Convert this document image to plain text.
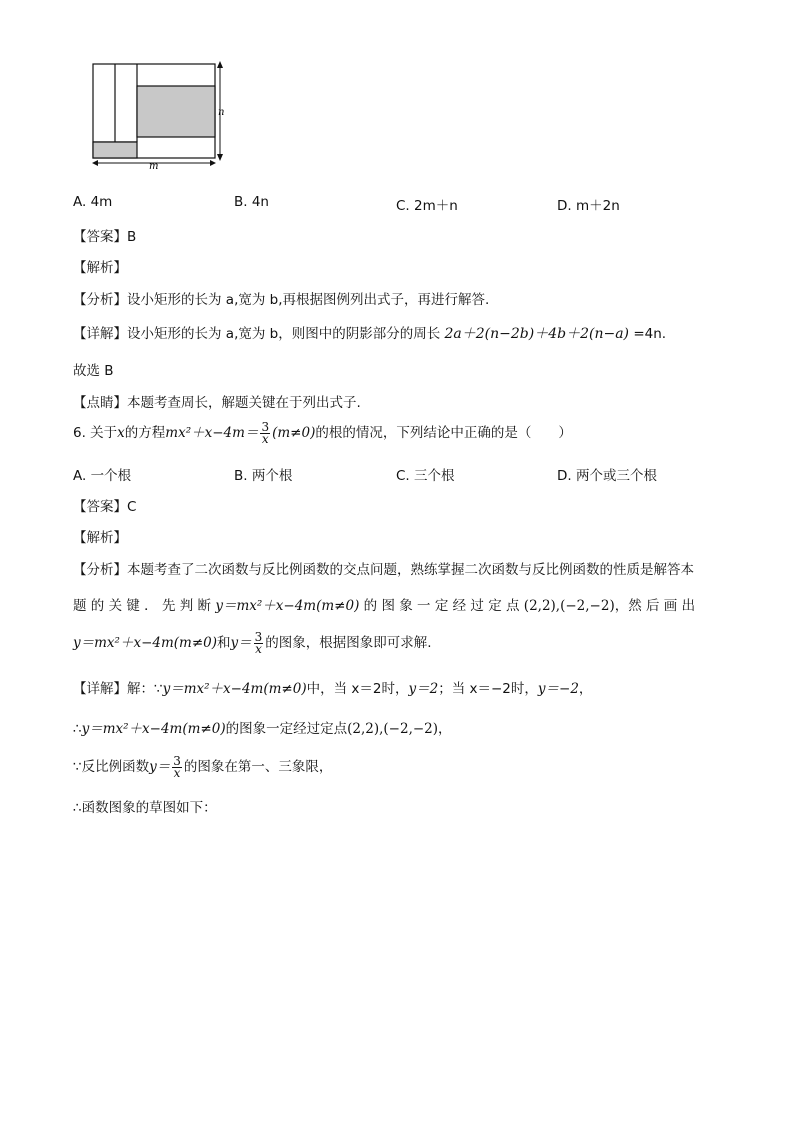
n
m
A. 4m	B. 4n	C. 2m＋n	D. m＋2n
【答案】B
【解析】
【分析】设小矩形的长为 a,宽为 b,再根据图例列出式子，再进行解答.
【详解】设小矩形的长为 a,宽为 b，则图中的阴影部分的周长 2a＋2(n−2b)＋4b＋2(n−a) =4n.
故选 B
【点睛】本题考查周长，解题关键在于列出式子.
6. 关于x的方程$mx^2+x-4m= \frac{3}{x} (m\ne 0)$的根的情况，下列结论中正确的是（　　）
A. 一个根	B. 两个根	C. 三个根	D. 两个或三个根
【答案】C
【解析】
【分析】本题考查了二次函数与反比例函数的交点问题，熟练掌握二次函数与反比例函数的性质是解答本
题 的 关 键 ． 先 判 断 y＝mx²＋x−4m(m≠0) 的 图 象 一 定 经 过 定 点 (2,2),(−2,−2)，然 后 画 出
y＝mx²＋x−4m(m≠0)和$y= \frac{3}{x}$ 的图象，根据图象即可求解.
【详解】解：∵y＝mx²＋x−4m(m≠0)中，当 x＝2时，y＝2；当 x＝−2时，y＝−2，
∴y＝mx²＋x−4m(m≠0)的图象一定经过定点(2,2),(−2,−2)，
∵反比例函数$y= \frac{3}{x}$ 的图象在第一、三象限，
∴函数图象的草图如下：
